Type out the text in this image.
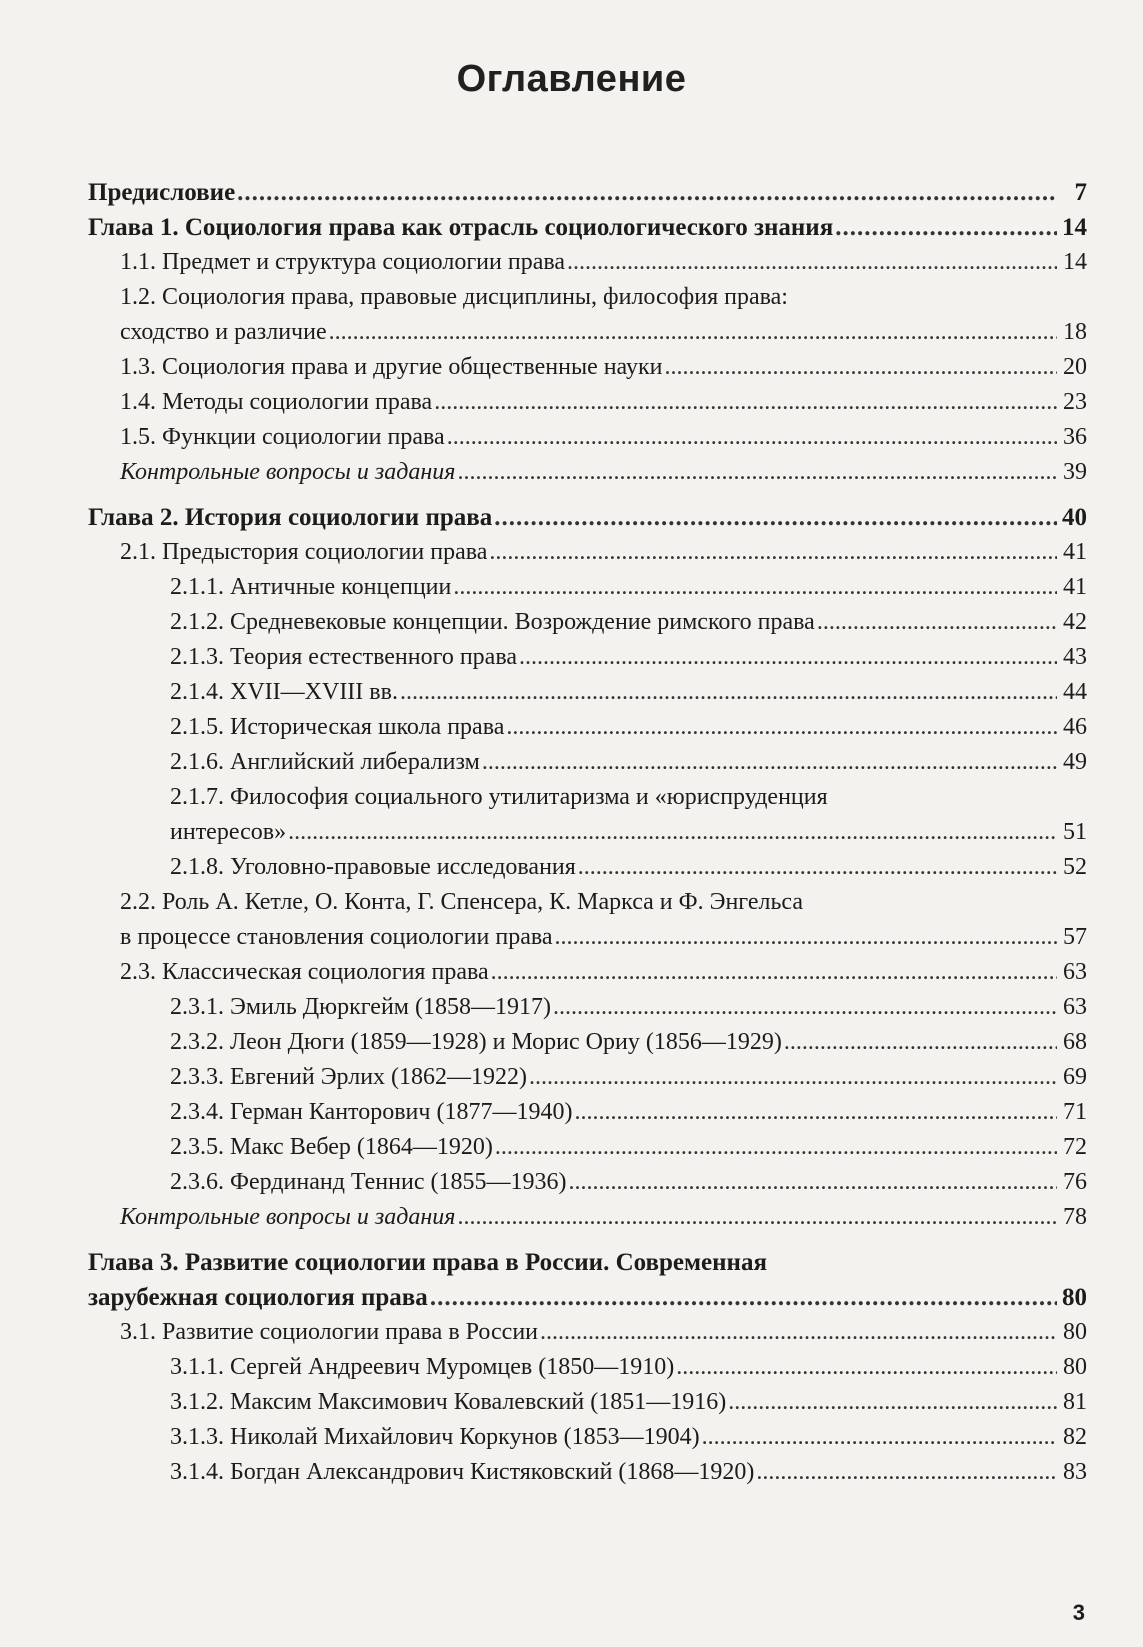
Оглавление
Предисловие .....	7
Глава 1. Социология права как отрасль социологического знания .....	14
1.1. Предмет и структура социологии права .....	14
1.2. Социология права, правовые дисциплины, философия права:
сходство и различие .....	18
1.3. Социология права и другие общественные науки .....	20
1.4. Методы социологии права .....	23
1.5. Функции социологии права .....	36
Контрольные вопросы и задания .....	39
Глава 2. История социологии права .....	40
2.1. Предыстория социологии права .....	41
2.1.1. Античные концепции .....	41
2.1.2. Средневековые концепции. Возрождение римского права .....	42
2.1.3. Теория естественного права .....	43
2.1.4. XVII—XVIII вв. .....	44
2.1.5. Историческая школа права .....	46
2.1.6. Английский либерализм .....	49
2.1.7. Философия социального утилитаризма и «юриспруденция
интересов» .....	51
2.1.8. Уголовно-правовые исследования .....	52
2.2. Роль А. Кетле, О. Конта, Г. Спенсера, К. Маркса и Ф. Энгельса
в процессе становления социологии права .....	57
2.3. Классическая социология права .....	63
2.3.1. Эмиль Дюркгейм (1858—1917) .....	63
2.3.2. Леон Дюги (1859—1928) и Морис Ориу (1856—1929) .....	68
2.3.3. Евгений Эрлих (1862—1922) .....	69
2.3.4. Герман Канторович (1877—1940) .....	71
2.3.5. Макс Вебер (1864—1920) .....	72
2.3.6. Фердинанд Теннис (1855—1936) .....	76
Контрольные вопросы и задания .....	78
Глава 3. Развитие социологии права в России. Современная
зарубежная социология права .....	80
3.1. Развитие социологии права в России .....	80
3.1.1. Сергей Андреевич Муромцев (1850—1910) .....	80
3.1.2. Максим Максимович Ковалевский (1851—1916) .....	81
3.1.3. Николай Михайлович Коркунов (1853—1904) .....	82
3.1.4. Богдан Александрович Кистяковский (1868—1920) .....	83
3
